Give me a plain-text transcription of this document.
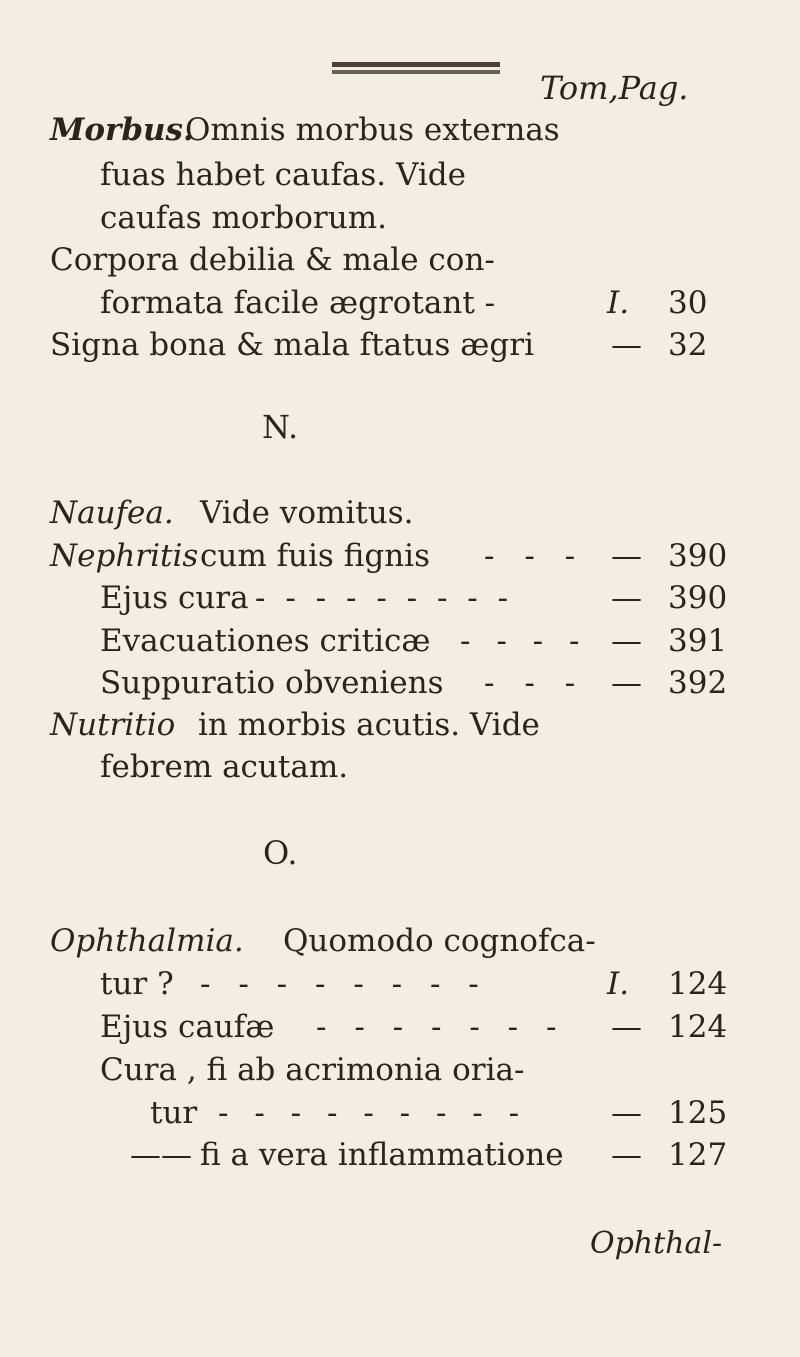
Tom,Pag.
Morbus.
Omnis morbus externas
fuas habet caufas. Vide
caufas morborum.
Corpora debilia & male con-
formata facile ægrotant -	I. 30
Signa bona & mala ftatus ægri — 32
N.
Naufea. Vide vomitus.
Nephritis cum fuis fignis - - - — 390
Ejus cura - - - - - - - - -	— 390
Evacuationes criticæ - - - - — 391
Suppuratio obveniens - - - — 392
Nutritio in morbis acutis. Vide
febrem acutam.
O.
Ophthalmia. Quomodo cognofca-
tur ? - - - - - - - -	I. 124
Ejus caufæ - - - - - - - — 124
Cura , fi ab acrimonia oria-
tur - - - - - - - - -	— 125
—— fi a vera inflammatione — 127
Ophthal-
